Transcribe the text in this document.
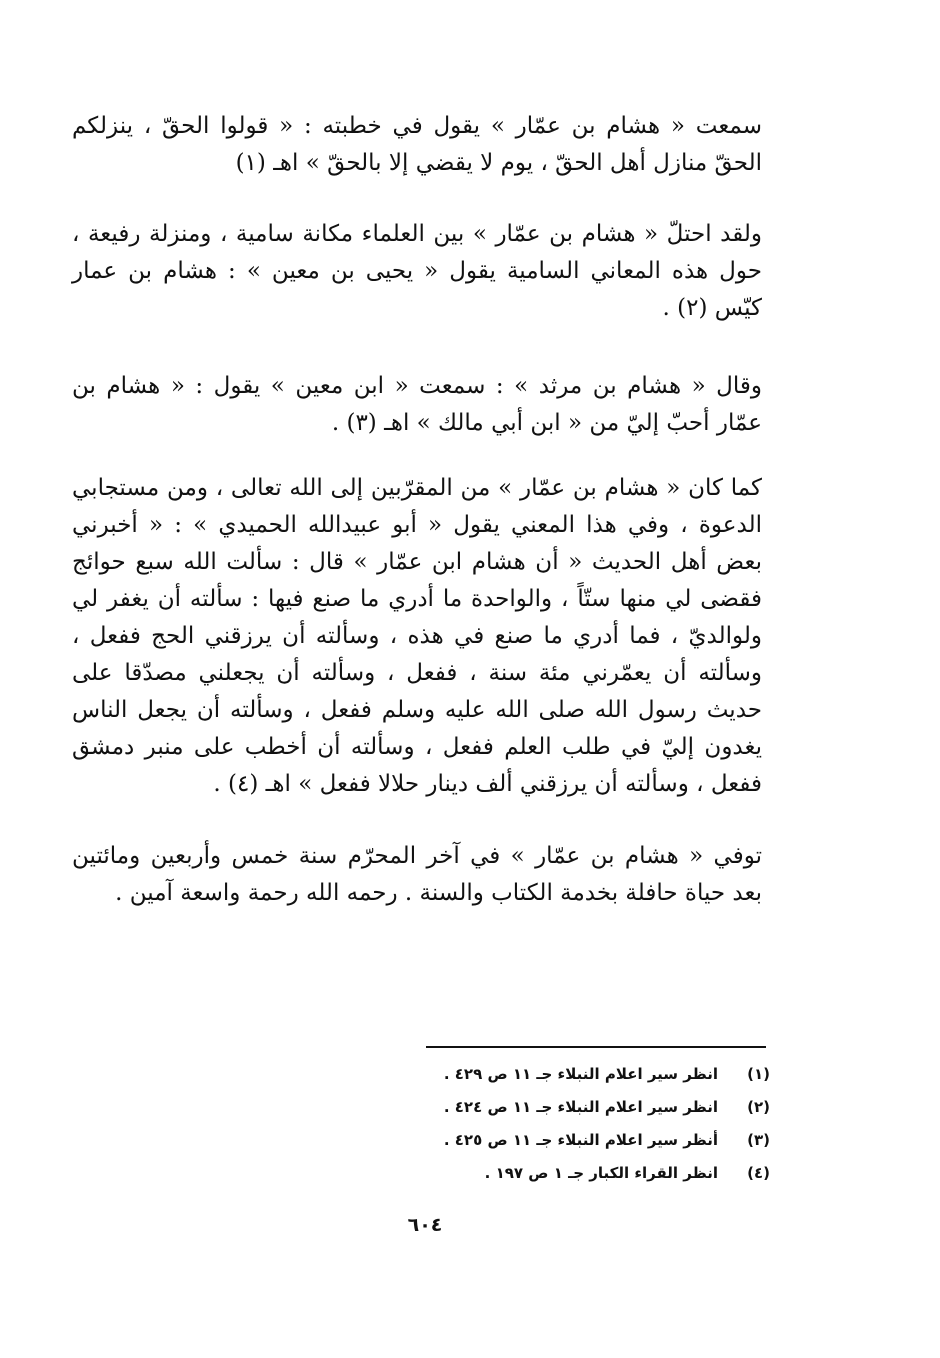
سمعت « هشام بن عمّار » يقول في خطبته : « قولوا الحقّ ، ينزلكم الحقّ منازل أهل الحقّ ، يوم لا يقضي إلا بالحقّ » اهـ (١)

ولقد احتلّ « هشام بن عمّار » بين العلماء مكانة سامية ، ومنزلة رفيعة ، حول هذه المعاني السامية يقول « يحيى بن معين » : هشام بن عمار كيّس (٢) .

وقال « هشام بن مرثد » : سمعت « ابن معين » يقول : « هشام بن عمّار أحبّ إليّ من « ابن أبي مالك » اهـ (٣) .

كما كان « هشام بن عمّار » من المقرّبين إلى الله تعالى ، ومن مستجابي الدعوة ، وفي هذا المعني يقول « أبو عبيدالله الحميدي » : « أخبرني بعض أهل الحديث « أن هشام ابن عمّار » قال : سألت الله سبع حوائج فقضى لي منها ستّاً ، والواحدة ما أدري ما صنع فيها : سألته أن يغفر لي ولوالديّ ، فما أدري ما صنع في هذه ، وسألته أن يرزقني الحج ففعل ، وسألته أن يعمّرني مئة سنة ، ففعل ، وسألته أن يجعلني مصدّقا على حديث رسول الله صلى الله عليه وسلم ففعل ، وسألته أن يجعل الناس يغدون إليّ في طلب العلم ففعل ، وسألته أن أخطب على منبر دمشق ففعل ، وسألته أن يرزقني ألف دينار حلالا ففعل » اهـ (٤) .

توفي « هشام بن عمّار » في آخر المحرّم سنة خمس وأربعين ومائتين بعد حياة حافلة بخدمة الكتاب والسنة . رحمه الله رحمة واسعة آمين .

(١)
انظر سير اعلام النبلاء جـ ١١ ص ٤٢٩ .
(٢)
انظر سير اعلام النبلاء جـ ١١ ص ٤٢٤ .
(٣)
أنظر سير اعلام النبلاء جـ ١١ ص ٤٢٥ .
(٤)
انظر القراء الكبار جـ ١ ص ١٩٧ .
٦٠٤
